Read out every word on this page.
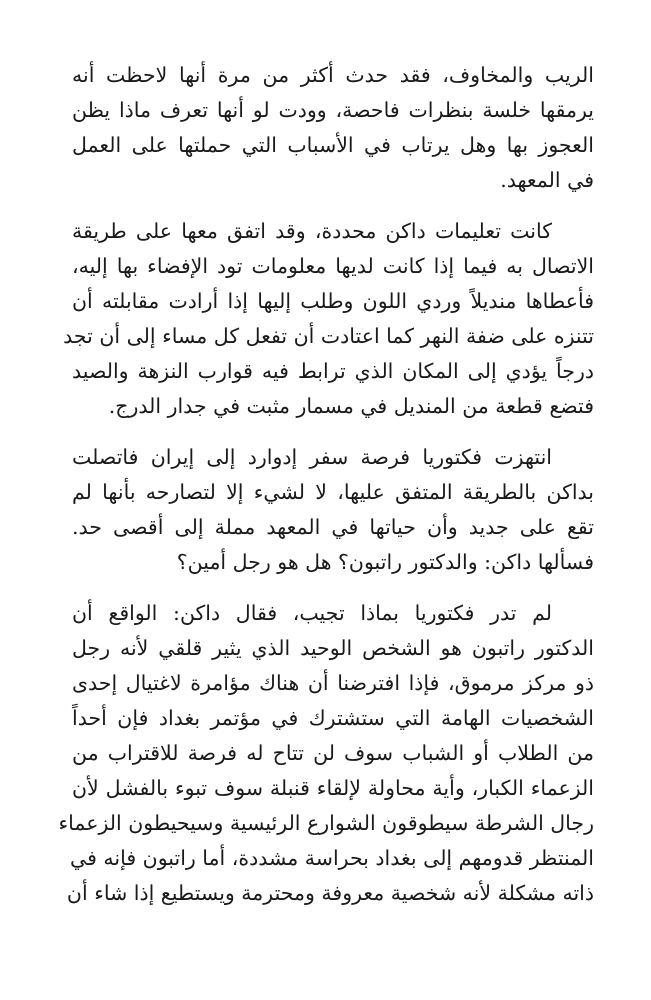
الريب والمخاوف، فقد حدث أكثر من مرة أنها لاحظت أنه
يرمقها خلسة بنظرات فاحصة، وودت لو أنها تعرف ماذا يظن
العجوز بها وهل يرتاب في الأسباب التي حملتها على العمل
في المعهد.
كانت تعليمات داكن محددة، وقد اتفق معها على طريقة
الاتصال به فيما إذا كانت لديها معلومات تود الإفضاء بها إليه،
فأعطاها منديلاً وردي اللون وطلب إليها إذا أرادت مقابلته أن
تتنزه على ضفة النهر كما اعتادت أن تفعل كل مساء إلى أن تجد
درجاً يؤدي إلى المكان الذي ترابط فيه قوارب النزهة والصيد
فتضع قطعة من المنديل في مسمار مثبت في جدار الدرج.
انتهزت فكتوريا فرصة سفر إدوارد إلى إيران فاتصلت
بداكن بالطريقة المتفق عليها، لا لشيء إلا لتصارحه بأنها لم
تقع على جديد وأن حياتها في المعهد مملة إلى أقصى حد.
فسألها داكن: والدكتور راتبون؟ هل هو رجل أمين؟
لم تدر فكتوريا بماذا تجيب، فقال داكن: الواقع أن
الدكتور راتبون هو الشخص الوحيد الذي يثير قلقي لأنه رجل
ذو مركز مرموق، فإذا افترضنا أن هناك مؤامرة لاغتيال إحدى
الشخصيات الهامة التي ستشترك في مؤتمر بغداد فإن أحداً
من الطلاب أو الشباب سوف لن تتاح له فرصة للاقتراب من
الزعماء الكبار، وأية محاولة لإلقاء قنبلة سوف تبوء بالفشل لأن
رجال الشرطة سيطوقون الشوارع الرئيسية وسيحيطون الزعماء
المنتظر قدومهم إلى بغداد بحراسة مشددة، أما راتبون فإنه في
ذاته مشكلة لأنه شخصية معروفة ومحترمة ويستطيع إذا شاء أن
